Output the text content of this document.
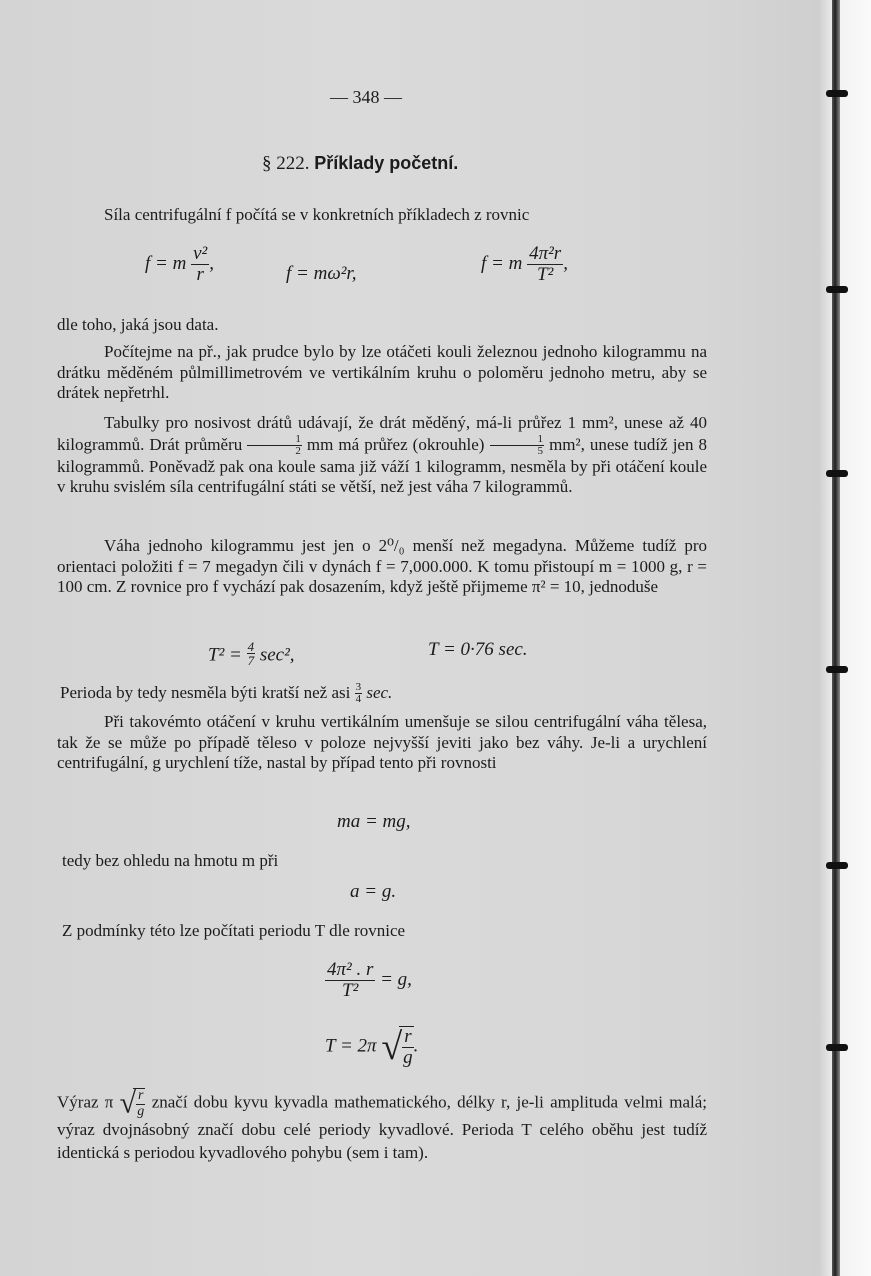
— 348 —
§ 222. Příklady početní.
Síla centrifugální f počítá se v konkretních příkladech z rovnic
f = m $\frac{\text{v²}}{r}$ ,	f = mω²r,	f = m $\frac{\text{4π²r}}{\text{T²}}$ ,
dle toho, jaká jsou data.
Počítejme na př., jak prudce bylo by lze otáčeti kouli železnou jednoho kilogrammu na drátku měděném půlmillimetrovém ve vertikálním kruhu o poloměru jednoho metru, aby se drátek nepřetrhl.
Tabulky pro nosivost drátů udávají, že drát měděný, má-li průřez 1 mm², unese až 40 kilogrammů. Drát průměru $\frac{1}{2}$ mm má průřez (okrouhle) $\frac{1}{5} mm^2$, unese tudíž jen 8 kilogrammů. Poněvadž pak ona koule sama již váží 1 kilogramm, nesměla by při otáčení koule v kruhu svislém síla centrifugální státi se větší, než jest váha 7 kilogrammů.
Váha jednoho kilogrammu jest jen o 2⁰/₀ menší než megadyna. Můžeme tudíž pro orientaci položiti f = 7 megadyn čili v dynách f = 7,000.000. K tomu přistoupí m = 1000 g, r = 100 cm. Z rovnice pro f vychází pak dosazením, když ještě přijmeme π² = 10, jednoduše
$T^2 = \frac{4}{7} \sec^2$,	T = 0·76 sec.
Perioda by tedy nesměla býti kratší než asi $\frac{3}{4} \sec$.
Při takovémto otáčení v kruhu vertikálním umenšuje se silou centrifugální váha tělesa, tak že se může po případě těleso v poloze nejvyšší jeviti jako bez váhy. Je-li a urychlení centrifugální, g urychlení tíže, nastal by případ tento při rovnosti
ma = mg,
tedy bez ohledu na hmotu m při
a = g.
Z podmínky této lze počítati periodu T dle rovnice
$\frac{\text{4π² . r}}{\text{T²}} = g$,
T = 2π √ $\frac{r}{g}$ .
Výraz π √ $\frac{r}{g}$ značí dobu kyvu kyvadla mathematického, délky r, je-li amplituda velmi malá; výraz dvojnásobný značí dobu celé periody kyvadlové. Perioda T celého oběhu jest tudíž identická s periodou kyvadlového pohybu (sem i tam).
